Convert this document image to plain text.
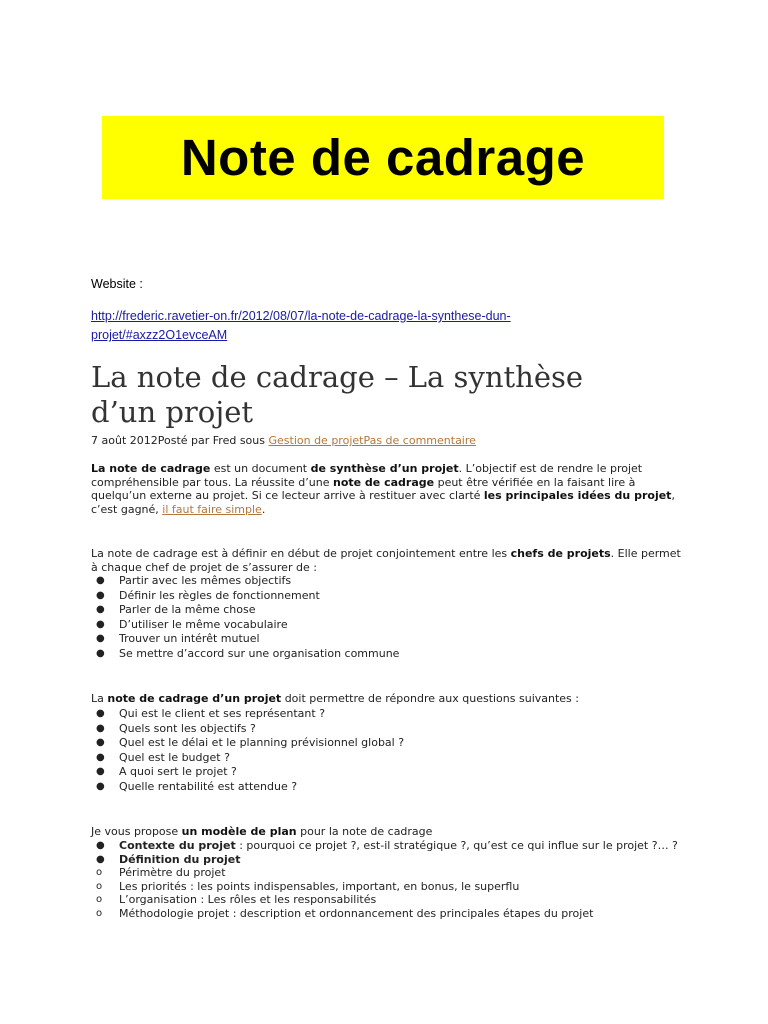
Note de cadrage
Website :
http://frederic.ravetier-on.fr/2012/08/07/la-note-de-cadrage-la-synthese-dun-
projet/#axzz2O1evceAM
La note de cadrage – La synthèse
d’un projet
7 août 2012Posté par Fred sous Gestion de projetPas de commentaire

La note de cadrage est un document de synthèse d’un projet. L’objectif est de rendre le projet compréhensible par tous. La réussite d’une note de cadrage peut être vérifiée en la faisant lire à quelqu’un externe au projet. Si ce lecteur arrive à restituer avec clarté les principales idées du projet, c’est gagné, il faut faire simple.

La note de cadrage est à définir en début de projet conjointement entre les chefs de projets. Elle permet à chaque chef de projet de s’assurer de :

● Partir avec les mêmes objectifs
● Définir les règles de fonctionnement
● Parler de la même chose
● D’utiliser le même vocabulaire
● Trouver un intérêt mutuel
● Se mettre d’accord sur une organisation commune

La note de cadrage d’un projet doit permettre de répondre aux questions suivantes :

● Qui est le client et ses représentant ?
● Quels sont les objectifs ?
● Quel est le délai et le planning prévisionnel global ?
● Quel est le budget ?
● A quoi sert le projet ?
● Quelle rentabilité est attendue ?

Je vous propose un modèle de plan pour la note de cadrage

● Contexte du projet : pourquoi ce projet ?, est-il stratégique ?, qu’est ce qui influe sur le projet ?… ?
● Définition du projet
o Périmètre du projet
o Les priorités : les points indispensables, important, en bonus, le superflu
o L’organisation : Les rôles et les responsabilités
o Méthodologie projet : description et ordonnancement des principales étapes du projet
